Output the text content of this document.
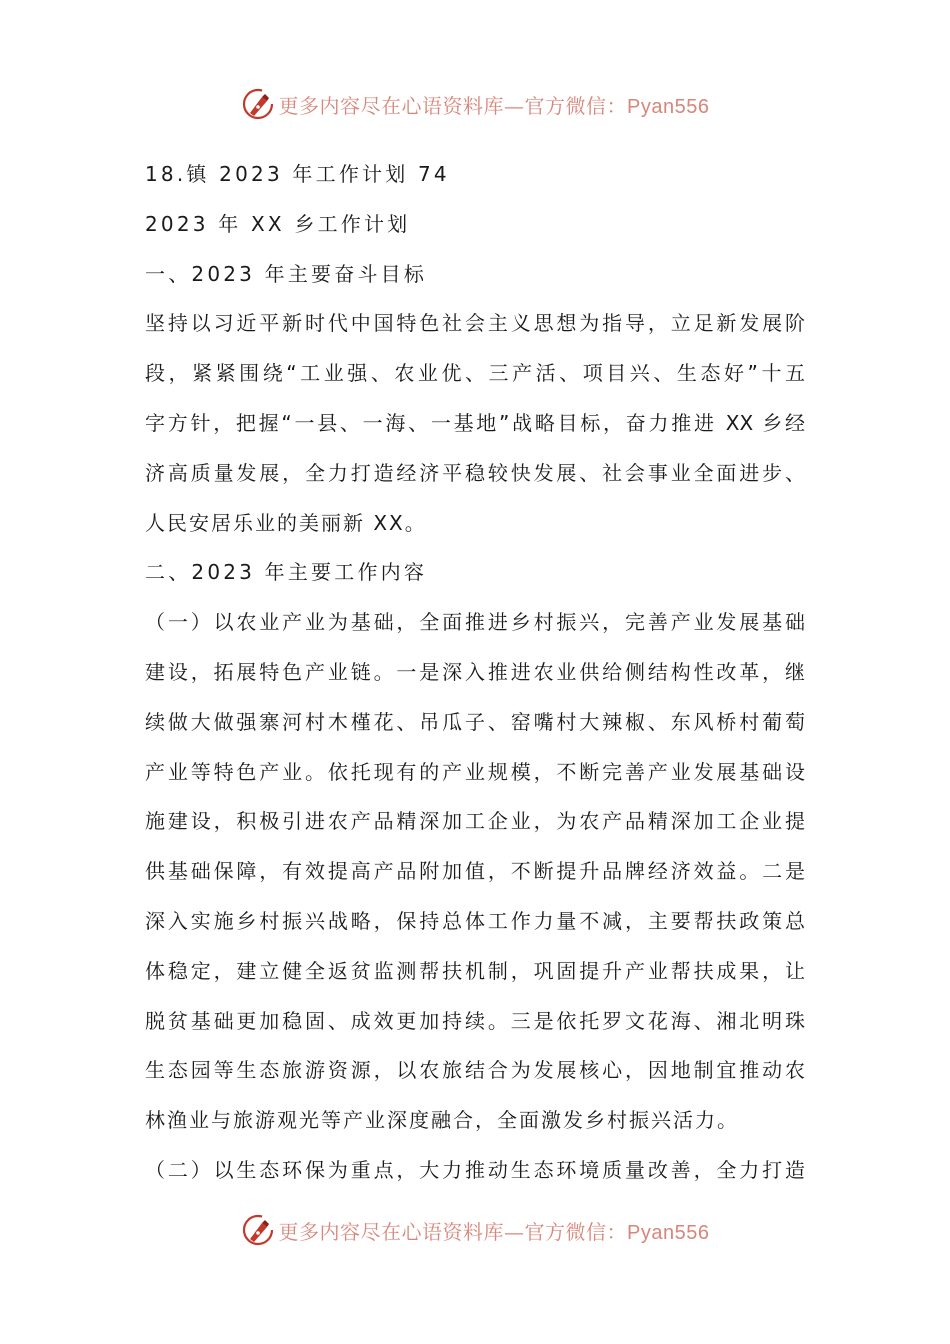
更多内容尽在心语资料库—官方微信：Pyan556
18.镇 2023 年工作计划 74
2023 年 XX 乡工作计划
一、2023 年主要奋斗目标
坚持以习近平新时代中国特色社会主义思想为指导，立足新发展阶
段，紧紧围绕“工业强、农业优、三产活、项目兴、生态好”十五
字方针，把握“一县、一海、一基地”战略目标，奋力推进 XX 乡经
济高质量发展，全力打造经济平稳较快发展、社会事业全面进步、
人民安居乐业的美丽新 XX。
二、2023 年主要工作内容
（一）以农业产业为基础，全面推进乡村振兴，完善产业发展基础
建设，拓展特色产业链。一是深入推进农业供给侧结构性改革，继
续做大做强寨河村木槿花、吊瓜子、窑嘴村大辣椒、东风桥村葡萄
产业等特色产业。依托现有的产业规模，不断完善产业发展基础设
施建设，积极引进农产品精深加工企业，为农产品精深加工企业提
供基础保障，有效提高产品附加值，不断提升品牌经济效益。二是
深入实施乡村振兴战略，保持总体工作力量不减，主要帮扶政策总
体稳定，建立健全返贫监测帮扶机制，巩固提升产业帮扶成果，让
脱贫基础更加稳固、成效更加持续。三是依托罗文花海、湘北明珠
生态园等生态旅游资源，以农旅结合为发展核心，因地制宜推动农
林渔业与旅游观光等产业深度融合，全面激发乡村振兴活力。
（二）以生态环保为重点，大力推动生态环境质量改善，全力打造
更多内容尽在心语资料库—官方微信：Pyan556
